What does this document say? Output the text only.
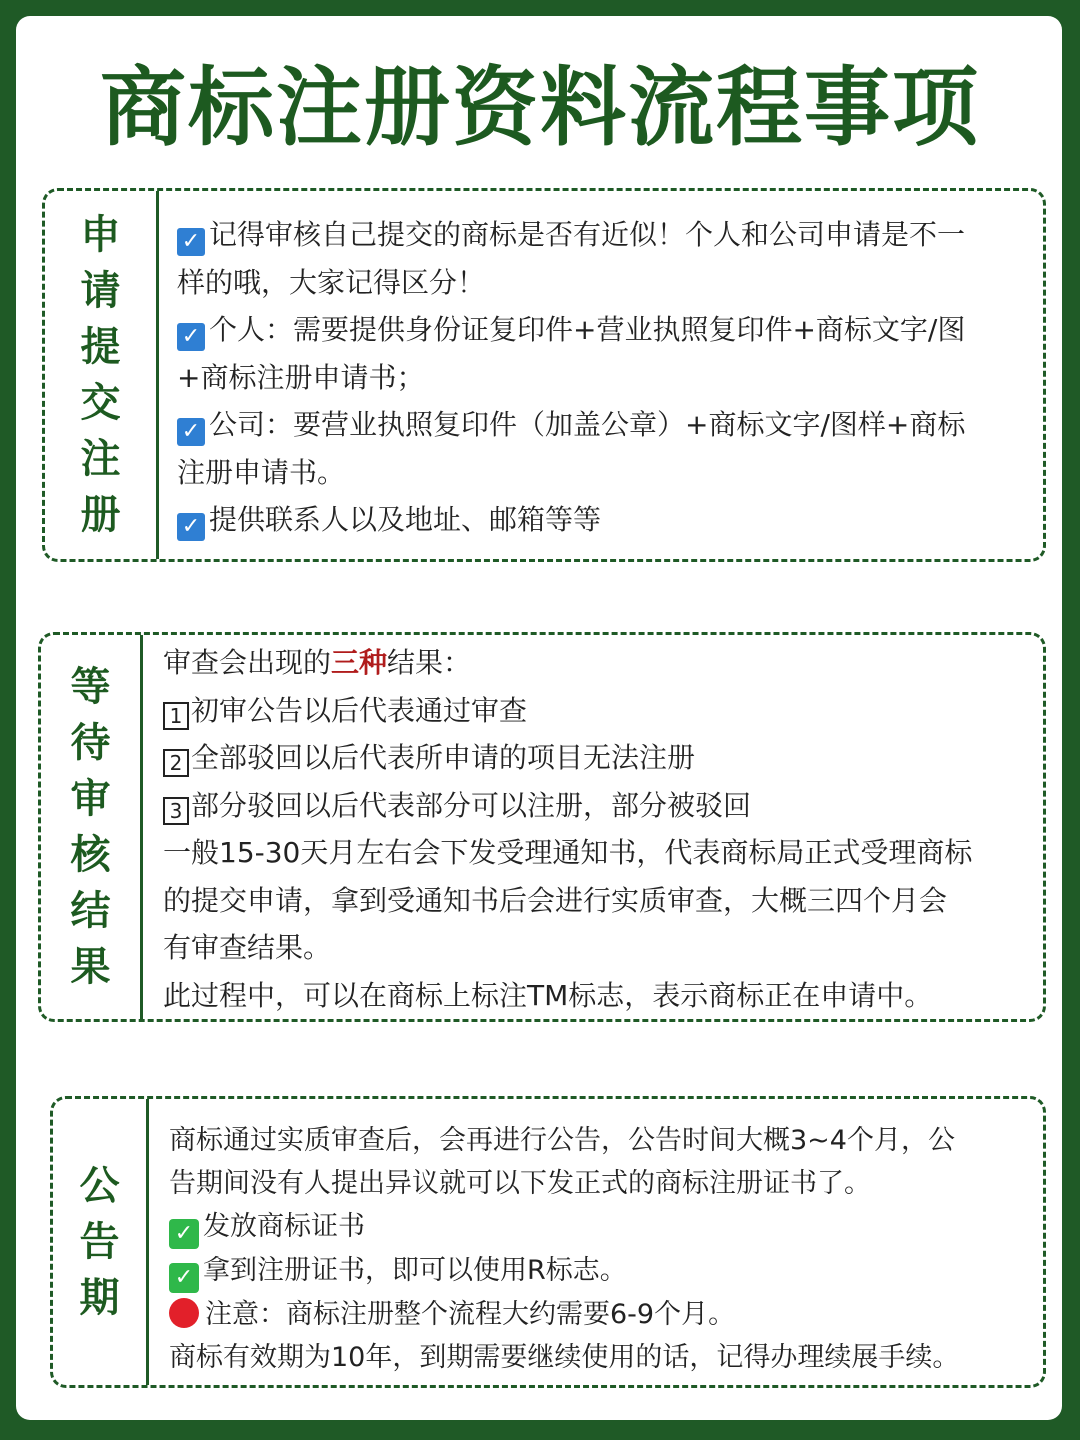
商标注册资料流程事项
申
请
提
交
注
册
✓ 记得审核自己提交的商标是否有近似！个人和公司申请是不一
样的哦，大家记得区分！
✓ 个人：需要提供身份证复印件+营业执照复印件+商标文字/图
+商标注册申请书；
✓ 公司：要营业执照复印件（加盖公章）+商标文字/图样+商标
注册申请书。
✓ 提供联系人以及地址、邮箱等等
等
待
审
核
结
果
审查会出现的三种结果：
1 初审公告以后代表通过审查
2 全部驳回以后代表所申请的项目无法注册
3 部分驳回以后代表部分可以注册，部分被驳回
一般15-30天月左右会下发受理通知书，代表商标局正式受理商标
的提交申请，拿到受通知书后会进行实质审查，大概三四个月会
有审查结果。
此过程中，可以在商标上标注TM标志，表示商标正在申请中。
公
告
期
商标通过实质审查后，会再进行公告，公告时间大概3~4个月，公
告期间没有人提出异议就可以下发正式的商标注册证书了。
✓ 发放商标证书
✓ 拿到注册证书，即可以使用R标志。
注意：商标注册整个流程大约需要6-9个月。
商标有效期为10年，到期需要继续使用的话，记得办理续展手续。
